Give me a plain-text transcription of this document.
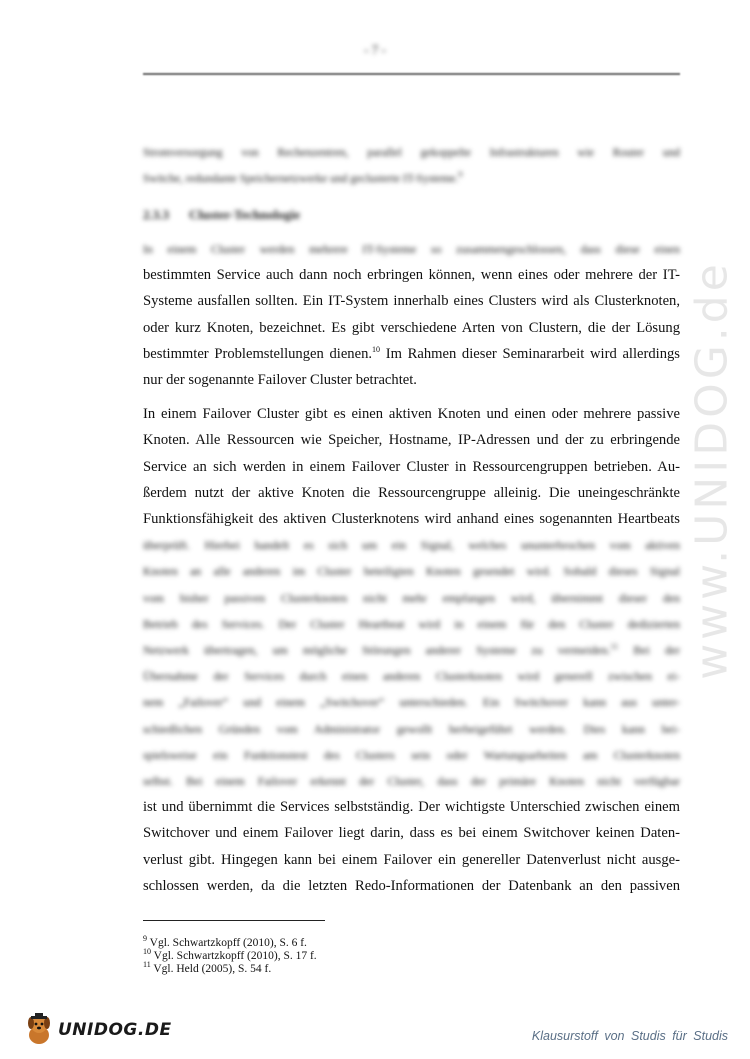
- 7 -
www.UNIDOG.de

Stromversorgung von Rechenzentren, parallel gekoppelte Infrastrukturen wie Router und
Switche, redundante Speichernetzwerke und geclusterte IT-Systeme.$^9$

2.3.3 Cluster-Technologie

In einem Cluster werden mehrere IT-Systeme so zusammengeschlossen, dass diese einen
bestimmten Service auch dann noch erbringen können, wenn eines oder mehrere der IT-
Systeme ausfallen sollten. Ein IT-System innerhalb eines Clusters wird als Clusterknoten,
oder kurz Knoten, bezeichnet. Es gibt verschiedene Arten von Clustern, die der Lösung
bestimmter Problemstellungen dienen.$^{10}$ Im Rahmen dieser Seminararbeit wird allerdings
nur der sogenannte Failover Cluster betrachtet.

In einem Failover Cluster gibt es einen aktiven Knoten und einen oder mehrere passive
Knoten. Alle Ressourcen wie Speicher, Hostname, IP-Adressen und der zu erbringende
Service an sich werden in einem Failover Cluster in Ressourcengruppen betrieben. Au-
ßerdem nutzt der aktive Knoten die Ressourcengruppe alleinig. Die uneingeschränkte
Funktionsfähigkeit des aktiven Clusterknotens wird anhand eines sogenannten Heartbeats
überprüft. Hierbei handelt es sich um ein Signal, welches ununterbrochen vom aktiven
Knoten an alle anderen im Cluster beteiligten Knoten gesendet wird. Sobald dieses Signal
vom bisher passiven Clusterknoten nicht mehr empfangen wird, übernimmt dieser den
Betrieb des Services. Der Cluster Heartbeat wird in einem für den Cluster dedizierten
Netzwerk übertragen, um mögliche Störungen anderer Systeme zu vermeiden.$^{11}$ Bei der
Übernahme der Services durch einen anderen Clusterknoten wird generell zwischen ei-
nem „Failover“ und einem „Switchover“ unterschieden. Ein Switchover kann aus unter-
schiedlichen Gründen vom Administrator gewollt herbeigeführt werden. Dies kann bei-
spielsweise ein Funktionstest des Clusters sein oder Wartungsarbeiten am Clusterknoten
selbst. Bei einem Failover erkennt der Cluster, dass der primäre Knoten nicht verfügbar
ist und übernimmt die Services selbstständig. Der wichtigste Unterschied zwischen einem
Switchover und einem Failover liegt darin, dass es bei einem Switchover keinen Daten-
verlust gibt. Hingegen kann bei einem Failover ein genereller Datenverlust nicht ausge-
schlossen werden, da die letzten Redo-Informationen der Datenbank an den passiven

$^9$ Vgl. Schwartzkopff (2010), S. 6 f.
$^{10}$ Vgl. Schwartzkopff (2010), S. 17 f.
$^{11}$ Vgl. Held (2005), S. 54 f.
UNIDOG.DE	Klausurstoff von Studis für Studis
